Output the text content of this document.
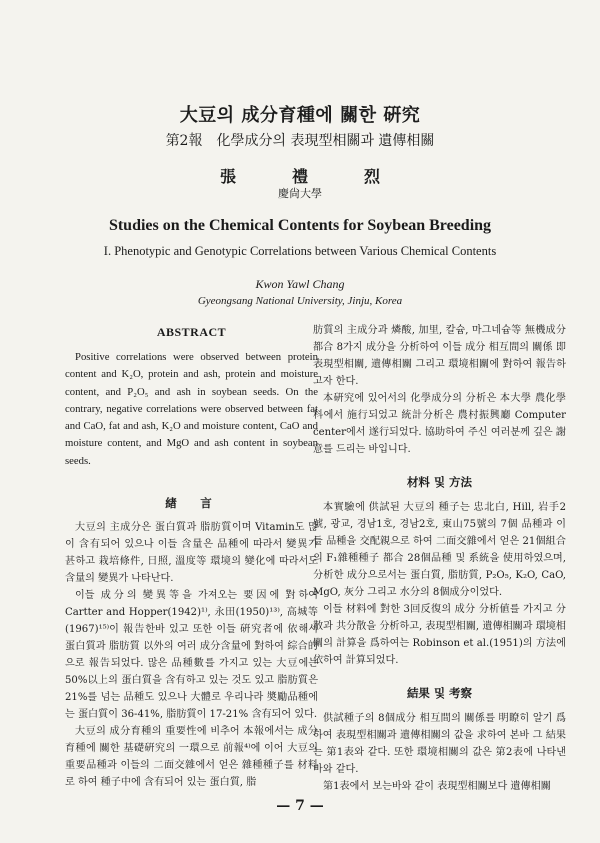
大豆의 成分育種에 關한 硏究
第2報　化學成分의 表現型相關과 遺傳相關
張　禮　烈
慶尙大學
Studies on the Chemical Contents for Soybean Breeding
I. Phenotypic and Genotypic Correlations between Various Chemical Contents
Kwon Yawl Chang
Gyeongsang National University, Jinju, Korea

ABSTRACT

Positive correlations were observed between protein content and K₂O, protein and ash, protein and moisture content, and P₂O₅ and ash in soybean seeds. On the contrary, negative correlations were observed between fat and CaO, fat and ash, K₂O and moisture content, CaO and moisture content, and MgO and ash content in soybean seeds.

緖　言

大豆의 主成分은 蛋白質과 脂肪質이며 Vitamin도 많이 含有되어 있으나 이들 含量은 品種에 따라서 變異가 甚하고 栽培條件, 日照, 溫度等 環境의 變化에 따라서도 含量의 變異가 나타난다.

이들 成分의 變異等을 가져오는 要因에 對하여 Cartter and Hopper(1942)¹⁾, 永田(1950)¹³⁾, 高城等(1967)¹⁵⁾이 報告한바 있고 또한 이들 硏究者에 依해서 蛋白質과 脂肪質 以外의 여러 成分含量에 對하여 綜合的으로 報告되었다. 많은 品種數를 가지고 있는 大豆에는 50%以上의 蛋白質을 含有하고 있는 것도 있고 脂肪質은 21%를 넘는 品種도 있으나 大體로 우리나라 奬勵品種에는 蛋白質이 36-41%, 脂肪質이 17-21% 含有되어 있다.

大豆의 成分育種의 重要性에 비추어 本報에서는 成分育種에 關한 基礎硏究의 一環으로 前報⁴⁾에 이어 大豆의 重要品種과 이들의 二面交雜에서 얻은 雜種種子를 材料로 하여 種子中에 含有되어 있는 蛋白質, 脂

肪質의 主成分과 燐酸, 加里, 칼슘, 마그네슘等 無機成分 都合 8가지 成分을 分析하여 이들 成分 相互間의 關係 即 表現型相關, 遺傳相關 그리고 環境相關에 對하여 報告하고자 한다.

本硏究에 있어서의 化學成分의 分析은 本大學 農化學科에서 施行되었고 統計分析은 農村振興廳 Computer center에서 遂行되었다. 協助하여 주신 여러분께 깊은 謝意를 드리는 바입니다.

材料 및 方法

本實驗에 供試된 大豆의 種子는 忠北白, Hill, 岩手2號, 광교, 경남1호, 경남2호, 東山75號의 7個 品種과 이들 品種을 交配親으로 하여 二面交雜에서 얻은 21個組合의 F₁雜種種子 都合 28個品種 및 系統을 使用하였으며, 分析한 成分으로서는 蛋白質, 脂肪質, P₂O₅, K₂O, CaO, MgO, 灰分 그리고 水分의 8個成分이었다.

이들 材料에 對한 3回反復의 成分 分析値를 가지고 分散과 共分散을 分析하고, 表現型相關, 遺傳相關과 環境相關의 計算을 爲하여는 Robinson et al.(1951)의 方法에 依하여 計算되었다.

結果 및 考察

供試種子의 8個成分 相互間의 關係를 明瞭히 알기 爲하여 表現型相關과 遺傳相關의 값을 求하여 본바 그 結果는 第1表와 같다. 또한 環境相關의 값은 第2表에 나타낸바와 같다.

第1表에서 보는바와 같이 表現型相關보다 遺傳相關

— 7 —
